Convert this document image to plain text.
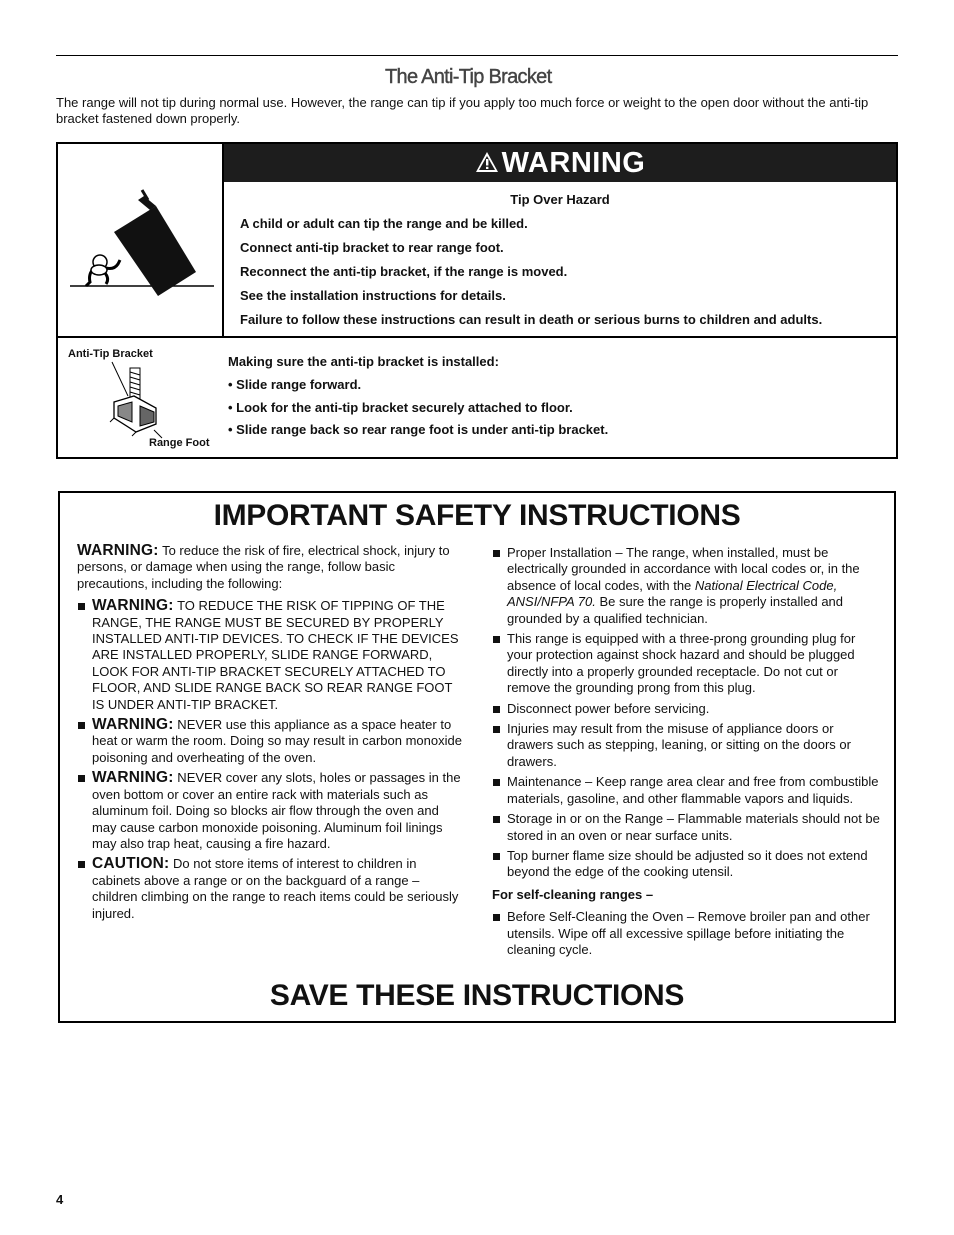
The Anti-Tip Bracket

The range will not tip during normal use. However, the range can tip if you apply too much force or weight to the open door without the anti-tip bracket fastened down properly.

WARNING
Tip Over Hazard
A child or adult can tip the range and be killed.
Connect anti-tip bracket to rear range foot.
Reconnect the anti-tip bracket, if the range is moved.
See the installation instructions for details.
Failure to follow these instructions can result in death or serious burns to children and adults.
Anti-Tip Bracket
Range Foot
Making sure the anti-tip bracket is installed:
• Slide range forward.
• Look for the anti-tip bracket securely attached to floor.
• Slide range back so rear range foot is under anti-tip bracket.
IMPORTANT SAFETY INSTRUCTIONS

WARNING: To reduce the risk of fire, electrical shock, injury to persons, or damage when using the range, follow basic precautions, including the following:

WARNING: TO REDUCE THE RISK OF TIPPING OF THE RANGE, THE RANGE MUST BE SECURED BY PROPERLY INSTALLED ANTI-TIP DEVICES. TO CHECK IF THE DEVICES ARE INSTALLED PROPERLY, SLIDE RANGE FORWARD, LOOK FOR ANTI-TIP BRACKET SECURELY ATTACHED TO FLOOR, AND SLIDE RANGE BACK SO REAR RANGE FOOT IS UNDER ANTI-TIP BRACKET.

WARNING: NEVER use this appliance as a space heater to heat or warm the room. Doing so may result in carbon monoxide poisoning and overheating of the oven.

WARNING: NEVER cover any slots, holes or passages in the oven bottom or cover an entire rack with materials such as aluminum foil. Doing so blocks air flow through the oven and may cause carbon monoxide poisoning. Aluminum foil linings may also trap heat, causing a fire hazard.

CAUTION: Do not store items of interest to children in cabinets above a range or on the backguard of a range – children climbing on the range to reach items could be seriously injured.

Proper Installation – The range, when installed, must be electrically grounded in accordance with local codes or, in the absence of local codes, with the National Electrical Code, ANSI/NFPA 70. Be sure the range is properly installed and grounded by a qualified technician.

This range is equipped with a three-prong grounding plug for your protection against shock hazard and should be plugged directly into a properly grounded receptacle. Do not cut or remove the grounding prong from this plug.

Disconnect power before servicing.

Injuries may result from the misuse of appliance doors or drawers such as stepping, leaning, or sitting on the doors or drawers.

Maintenance – Keep range area clear and free from combustible materials, gasoline, and other flammable vapors and liquids.

Storage in or on the Range – Flammable materials should not be stored in an oven or near surface units.

Top burner flame size should be adjusted so it does not extend beyond the edge of the cooking utensil.

For self-cleaning ranges –

Before Self-Cleaning the Oven – Remove broiler pan and other utensils. Wipe off all excessive spillage before initiating the cleaning cycle.

SAVE THESE INSTRUCTIONS
4
